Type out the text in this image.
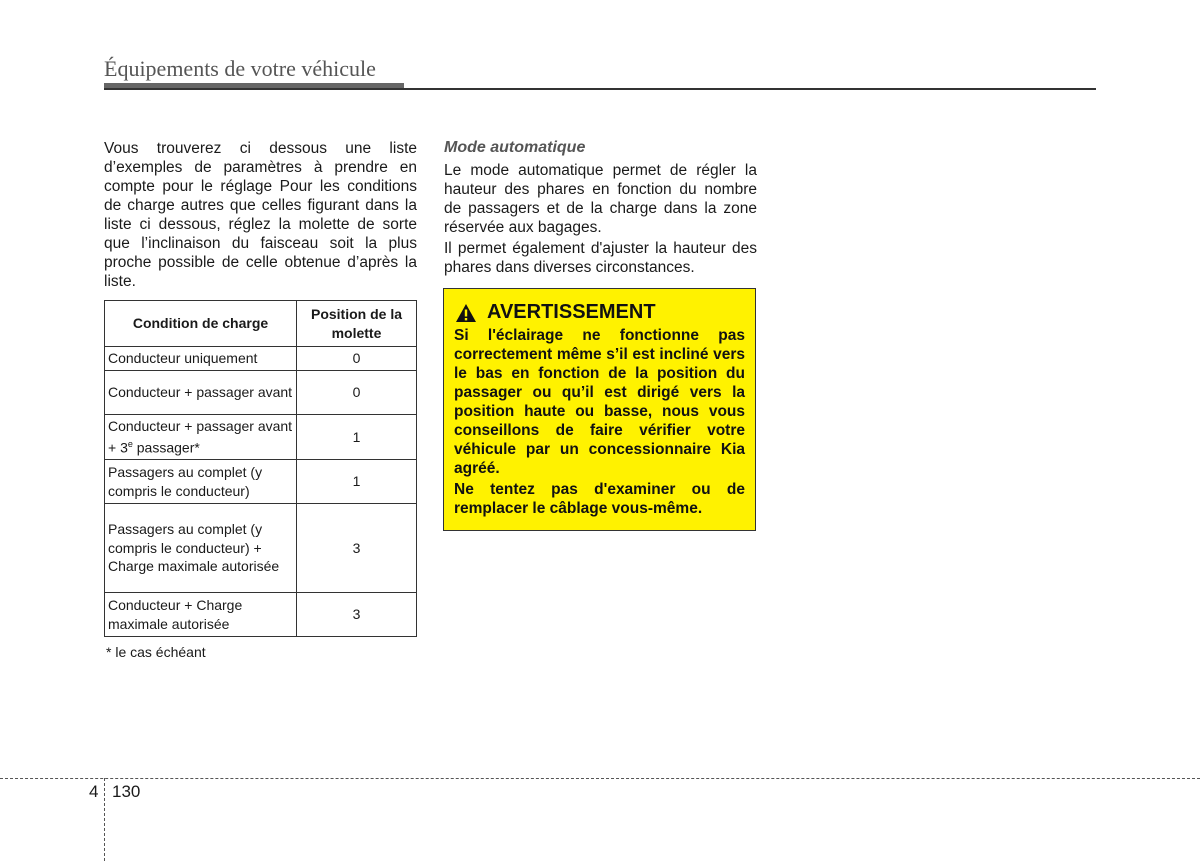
Équipements de votre véhicule
Vous trouverez ci dessous une liste d’exemples de paramètres à prendre en compte pour le réglage Pour les conditions de charge autres que celles figurant dans la liste ci dessous, réglez la molette de sorte que l’inclinaison du faisceau soit la plus proche possible de celle obtenue d’après la liste.
Condition de charge	Position de la molette
Conducteur uniquement	0
Conducteur + passager avant	0
Conducteur + passager avant + $3^e$ passager*	1
Passagers au complet (y compris le conducteur)	1
Passagers au complet (y compris le conducteur) + Charge maximale autorisée	3
Conducteur + Charge maximale autorisée	3
* le cas échéant
Mode automatique

Le mode automatique permet de régler la hauteur des phares en fonction du nombre de passagers et de la charge dans la zone réservée aux bagages.

Il permet également d'ajuster la hauteur des phares dans diverses circonstances.

AVERTISSEMENT

Si l'éclairage ne fonctionne pas correctement même s’il est incliné vers le bas en fonction de la position du passager ou qu’il est dirigé vers la position haute ou basse, nous vous conseillons de faire vérifier votre véhicule par un concessionnaire Kia agréé.

Ne tentez pas d'examiner ou de remplacer le câblage vous-même.

4 130
